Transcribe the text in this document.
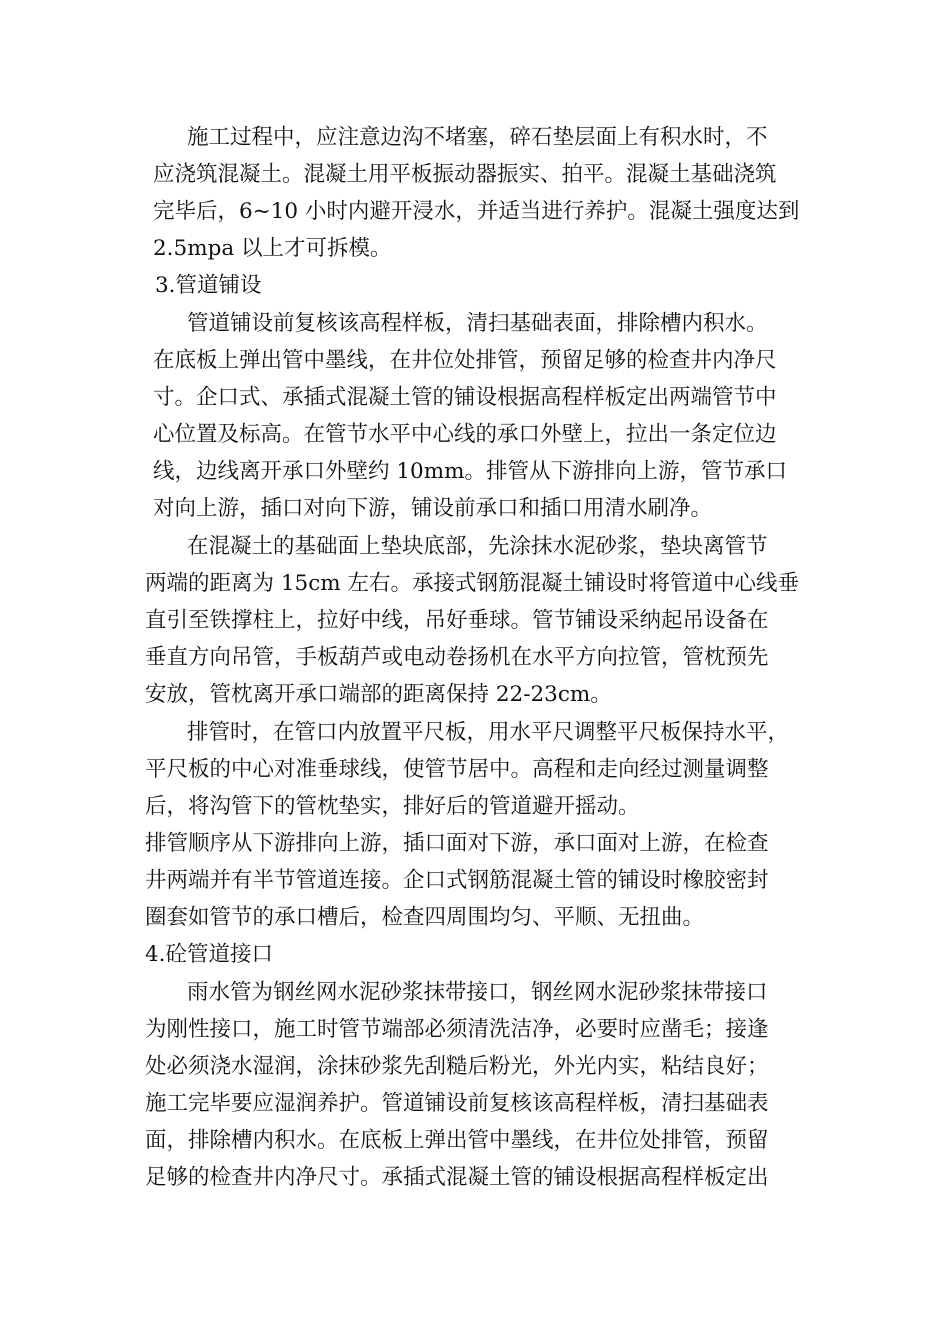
施工过程中，应注意边沟不堵塞，碎石垫层面上有积水时，不
应浇筑混凝土。混凝土用平板振动器振实、拍平。混凝土基础浇筑
完毕后，6~10 小时内避开浸水，并适当进行养护。混凝土强度达到
2.5mpa 以上才可拆模。
3.管道铺设
管道铺设前复核该高程样板，清扫基础表面，排除槽内积水。
在底板上弹出管中墨线，在井位处排管，预留足够的检查井内净尺
寸。企口式、承插式混凝土管的铺设根据高程样板定出两端管节中
心位置及标高。在管节水平中心线的承口外壁上，拉出一条定位边
线，边线离开承口外壁约 10mm。排管从下游排向上游，管节承口
对向上游，插口对向下游，铺设前承口和插口用清水刷净。
在混凝土的基础面上垫块底部，先涂抹水泥砂浆，垫块离管节
两端的距离为 15cm 左右。承接式钢筋混凝土铺设时将管道中心线垂
直引至铁撑柱上，拉好中线，吊好垂球。管节铺设采纳起吊设备在
垂直方向吊管，手板葫芦或电动卷扬机在水平方向拉管，管枕预先
安放，管枕离开承口端部的距离保持 22-23cm。
排管时，在管口内放置平尺板，用水平尺调整平尺板保持水平，
平尺板的中心对准垂球线，使管节居中。高程和走向经过测量调整
后，将沟管下的管枕垫实，排好后的管道避开摇动。
排管顺序从下游排向上游，插口面对下游，承口面对上游，在检查
井两端并有半节管道连接。企口式钢筋混凝土管的铺设时橡胶密封
圈套如管节的承口槽后，检查四周围均匀、平顺、无扭曲。
4.砼管道接口
雨水管为钢丝网水泥砂浆抹带接口，钢丝网水泥砂浆抹带接口
为刚性接口，施工时管节端部必须清洗洁净，必要时应凿毛；接逢
处必须浇水湿润，涂抹砂浆先刮糙后粉光，外光内实，粘结良好；
施工完毕要应湿润养护。管道铺设前复核该高程样板，清扫基础表
面，排除槽内积水。在底板上弹出管中墨线，在井位处排管，预留
足够的检查井内净尺寸。承插式混凝土管的铺设根据高程样板定出
